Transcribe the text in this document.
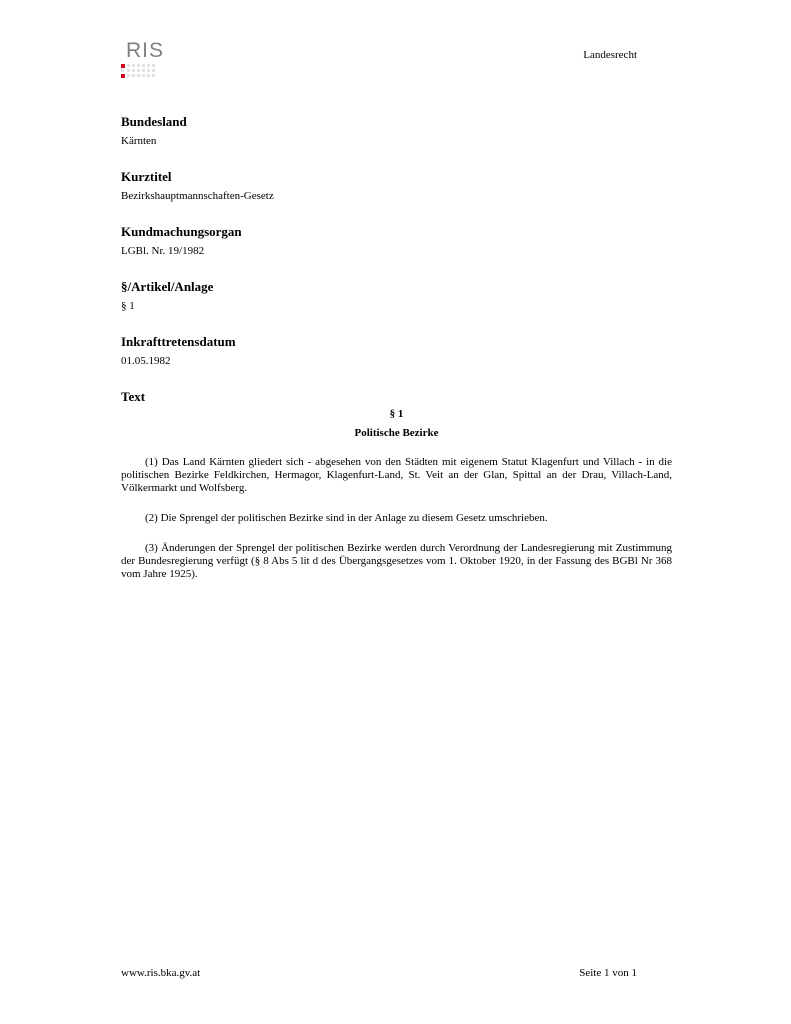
RIS	Landesrecht
Bundesland
Kärnten
Kurztitel
Bezirkshauptmannschaften-Gesetz
Kundmachungsorgan
LGBl. Nr. 19/1982
§/Artikel/Anlage
§ 1
Inkrafttretensdatum
01.05.1982
Text
§ 1
Politische Bezirke

(1) Das Land Kärnten gliedert sich - abgesehen von den Städten mit eigenem Statut Klagenfurt und Villach - in die politischen Bezirke Feldkirchen, Hermagor, Klagenfurt-Land, St. Veit an der Glan, Spittal an der Drau, Villach-Land, Völkermarkt und Wolfsberg.

(2) Die Sprengel der politischen Bezirke sind in der Anlage zu diesem Gesetz umschrieben.

(3) Änderungen der Sprengel der politischen Bezirke werden durch Verordnung der Landesregierung mit Zustimmung der Bundesregierung verfügt (§ 8 Abs 5 lit d des Übergangsgesetzes vom 1. Oktober 1920, in der Fassung des BGBl Nr 368 vom Jahre 1925).

www.ris.bka.gv.at	Seite 1 von 1
